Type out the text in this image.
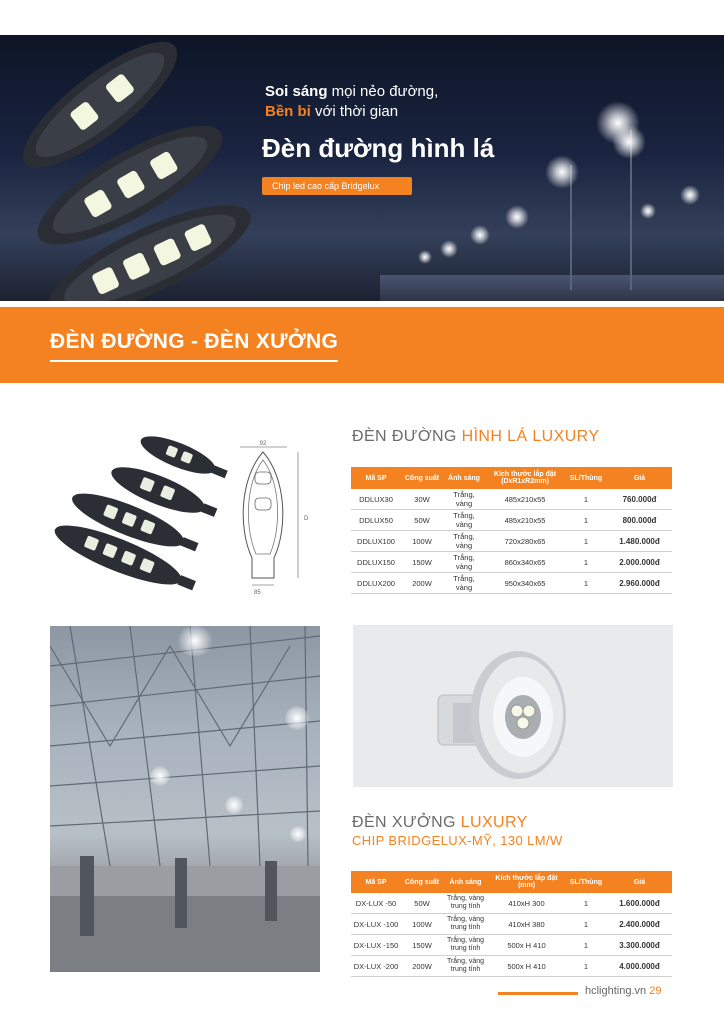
Soi sáng mọi nẻo đường,
Bền bỉ với thời gian
Đèn đường hình lá
Chip led cao cấp Bridgelux
ĐÈN ĐƯỜNG - ĐÈN XƯỞNG
92
D
85
ĐÈN ĐƯỜNG HÌNH LÁ LUXURY
Mã SP	Công suất	Ánh sáng	Kích thước lắp đặt (DxR1xR2mm)	SL/Thùng	Giá
DDLUX30	30W	Trắng, vàng	485x210x55	1	760.000đ
DDLUX50	50W	Trắng, vàng	485x210x55	1	800.000đ
DDLUX100	100W	Trắng, vàng	720x280x65	1	1.480.000đ
DDLUX150	150W	Trắng, vàng	860x340x65	1	2.000.000đ
DDLUX200	200W	Trắng, vàng	950x340x65	1	2.960.000đ
ĐÈN XƯỞNG LUXURY
CHIP BRIDGELUX-MỸ, 130 LM/W
Mã SP	Công suất	Ánh sáng	Kích thước lắp đặt (mm)	SL/Thùng	Giá
DX-LUX -50	50W	Trắng, vàng trung tính	410xH 300	1	1.600.000đ
DX-LUX -100	100W	Trắng, vàng trung tính	410xH 380	1	2.400.000đ
DX-LUX -150	150W	Trắng, vàng trung tính	500x H 410	1	3.300.000đ
DX-LUX -200	200W	Trắng, vàng trung tính	500x H 410	1	4.000.000đ
hclighting.vn 29
